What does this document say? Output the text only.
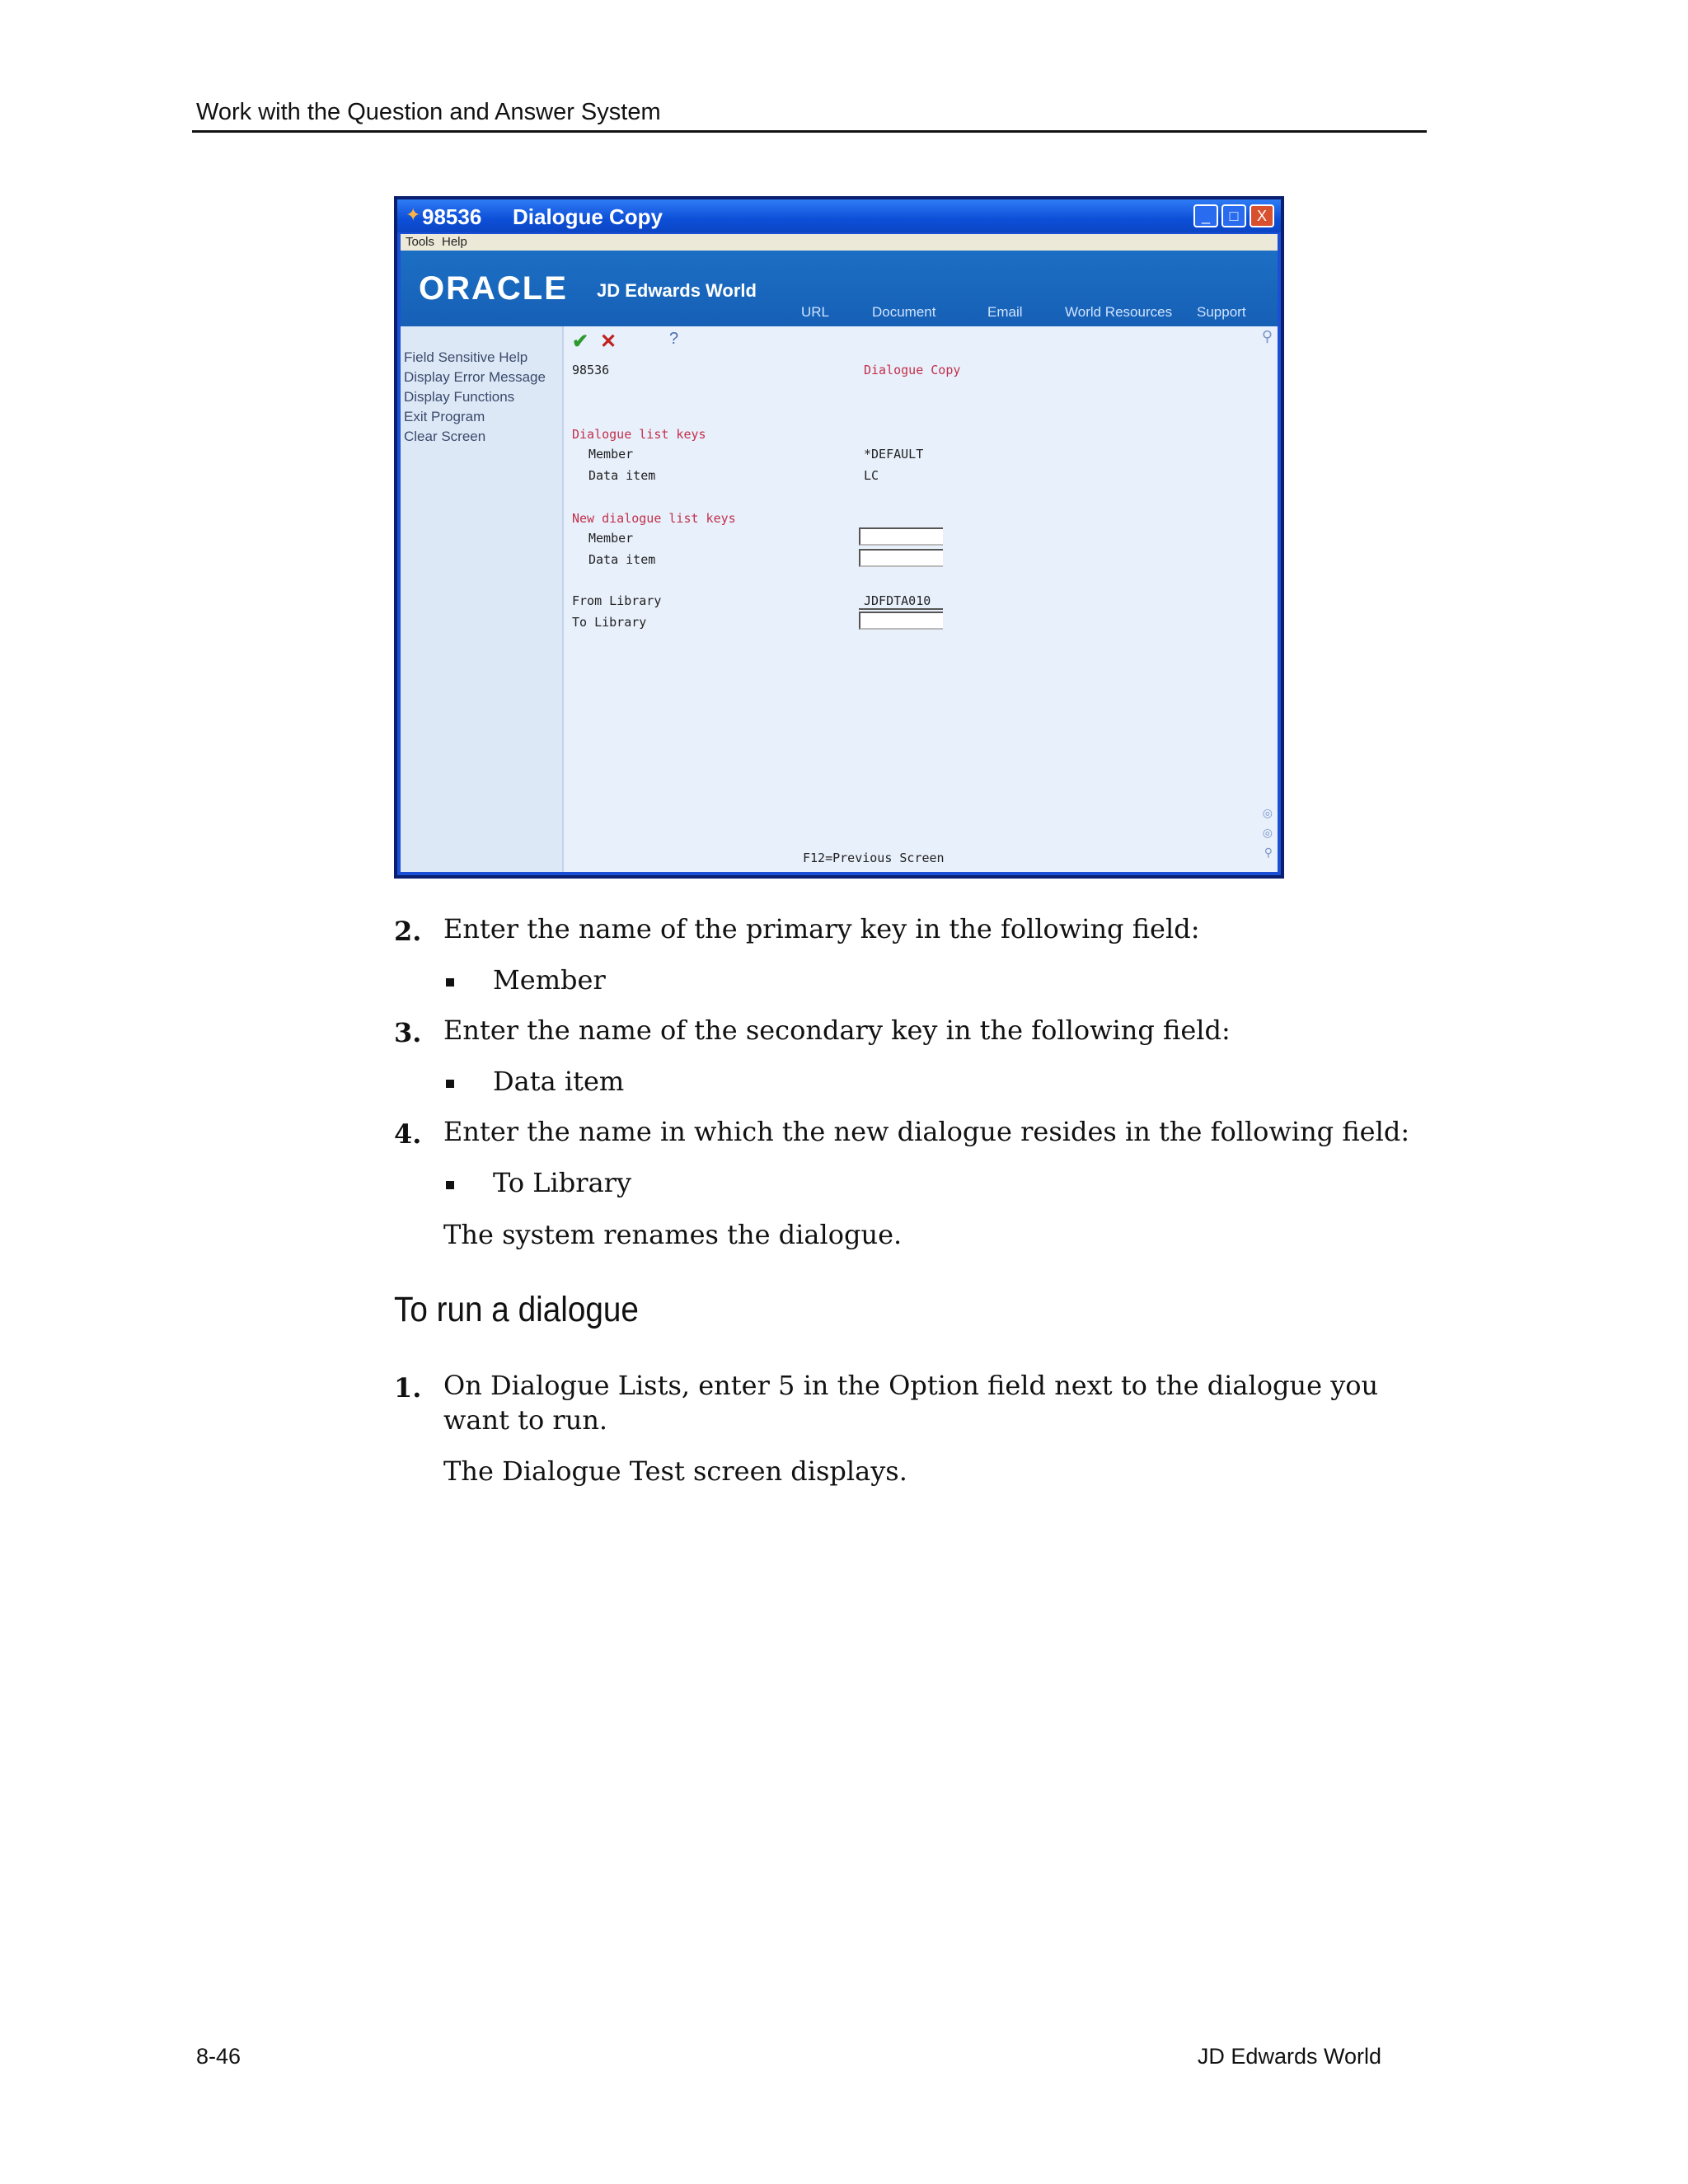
Work with the Question and Answer System
✦ 98536 Dialogue Copy	_	□	X
Tools Help
ORACLE JD Edwards World
URL	Document	Email	World Resources Support
Field Sensitive Help
Display Error Message
Display Functions
Exit Program
Clear Screen
✔ ✕	?	⚲
98536	Dialogue Copy
Dialogue list keys
Member	*DEFAULT
Data item	LC
New dialogue list keys
Member
Data item
From Library	JDFDTA010
To Library
◎
◎
⚲
F12=Previous Screen
2. Enter the name of the primary key in the following field:
Member
3. Enter the name of the secondary key in the following field:
Data item
4. Enter the name in which the new dialogue resides in the following field:
To Library
The system renames the dialogue.
To run a dialogue
1. On Dialogue Lists, enter 5 in the Option field next to the dialogue you want to run.
The Dialogue Test screen displays.
8-46	JD Edwards World
